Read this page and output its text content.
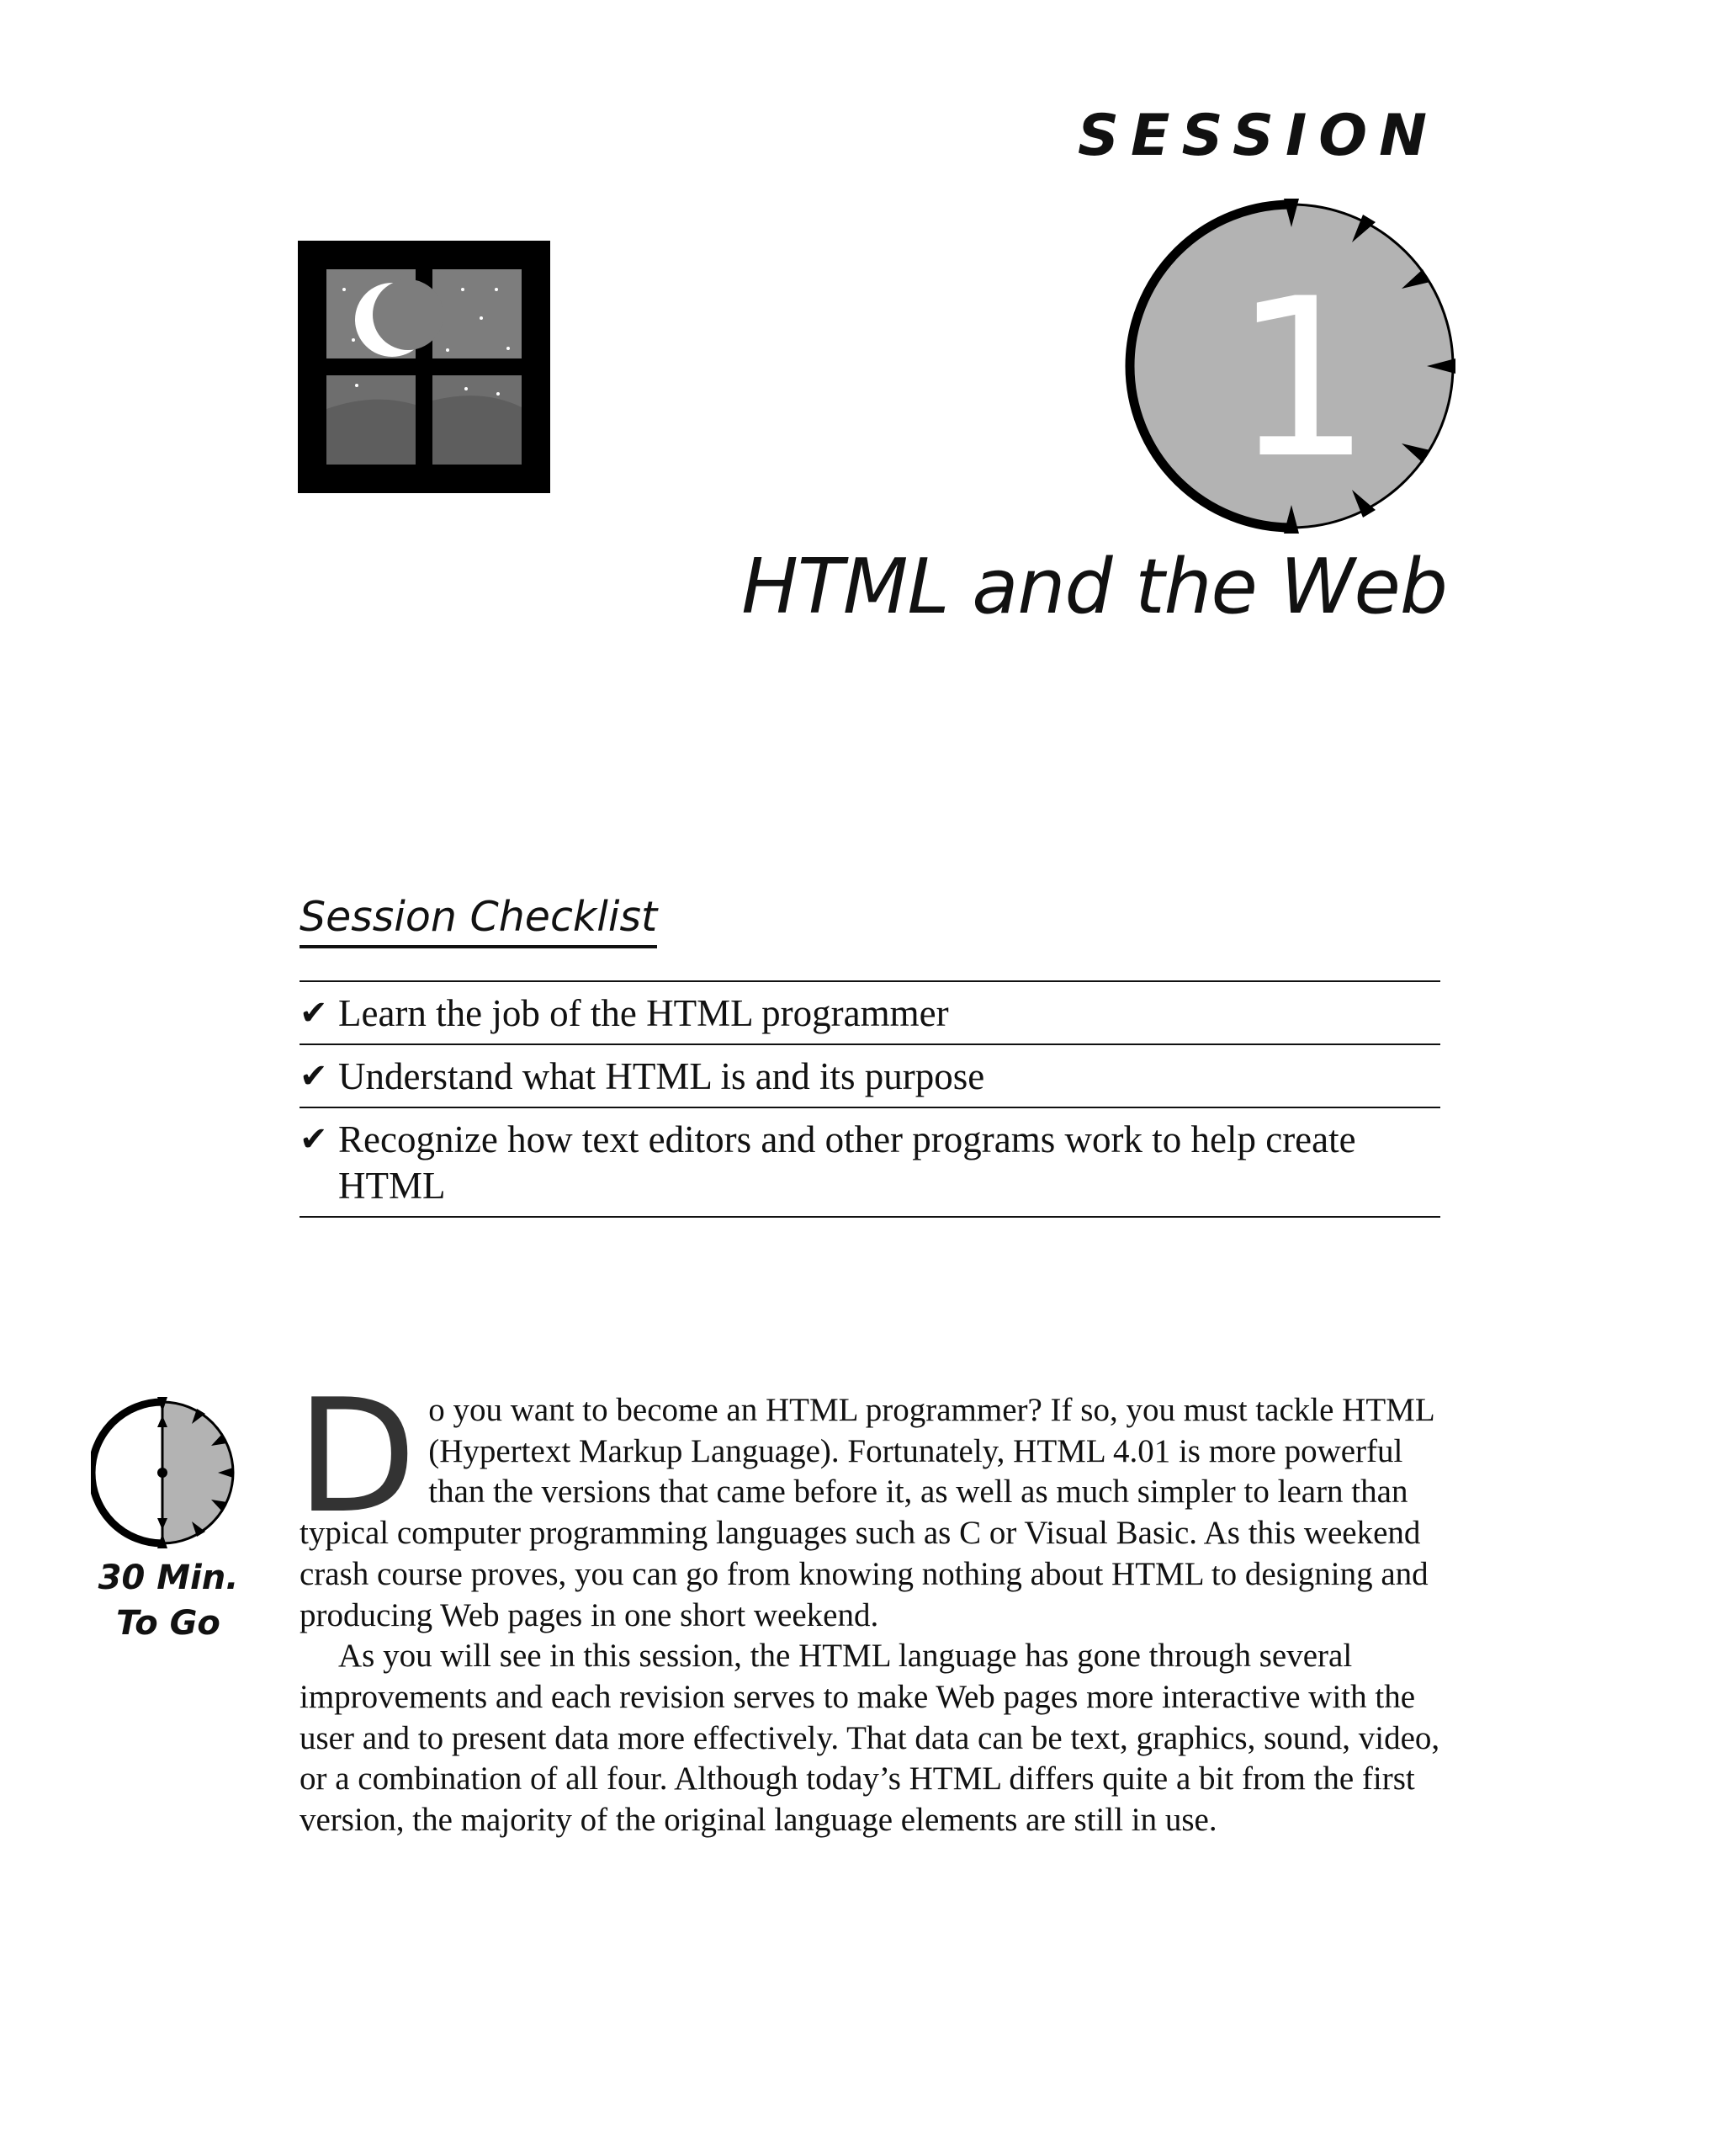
SESSION
1
HTML and the Web
Session Checklist
✔ Learn the job of the HTML programmer
✔ Understand what HTML is and its purpose
✔ Recognize how text editors and other programs work to help create HTML
30 Min.
To Go

Do you want to become an HTML programmer? If so, you must tackle HTML (Hypertext Markup Language). Fortunately, HTML 4.01 is more powerful than the versions that came before it, as well as much simpler to learn than typical computer programming languages such as C or Visual Basic. As this weekend crash course proves, you can go from knowing nothing about HTML to designing and producing Web pages in one short weekend.

As you will see in this session, the HTML language has gone through several improvements and each revision serves to make Web pages more interactive with the user and to present data more effectively. That data can be text, graphics, sound, video, or a combination of all four. Although today’s HTML differs quite a bit from the first version, the majority of the original language elements are still in use.
